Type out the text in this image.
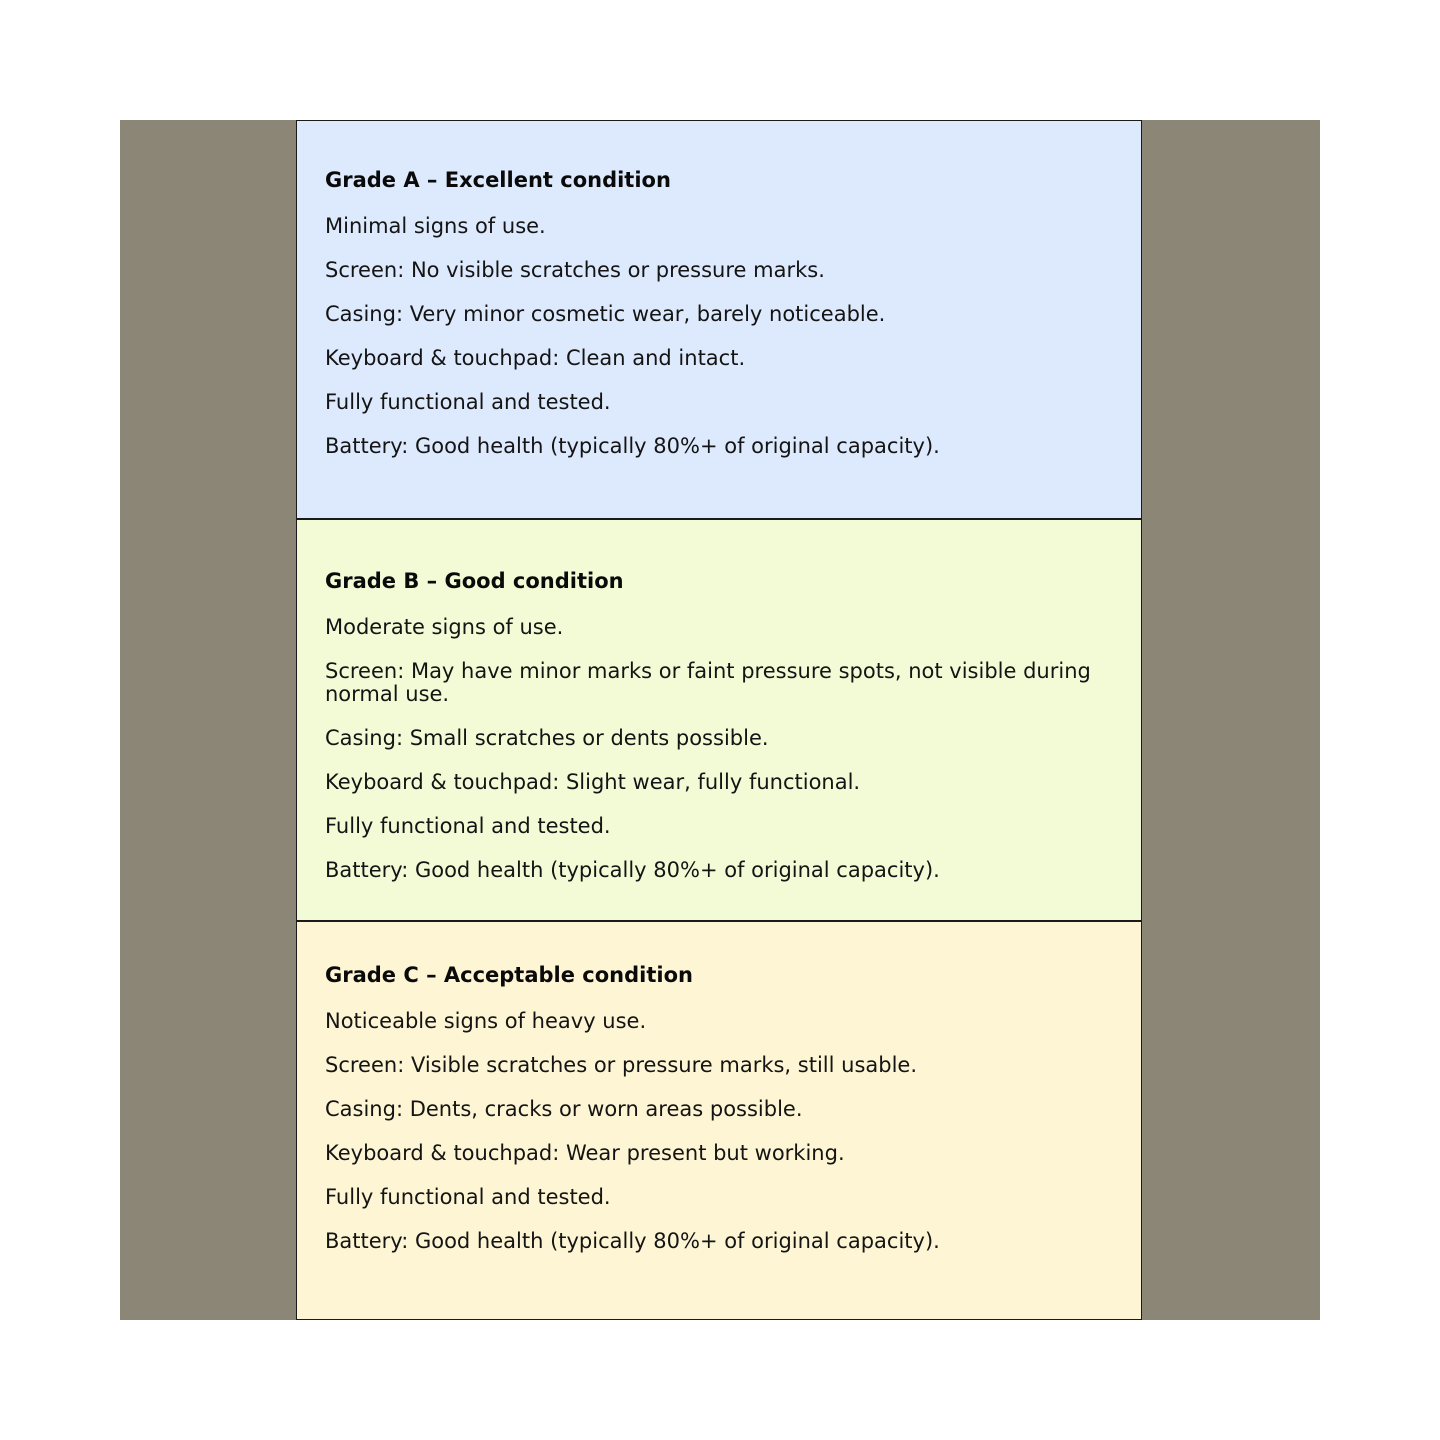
Grade A – Excellent condition
Minimal signs of use.
Screen: No visible scratches or pressure marks.
Casing: Very minor cosmetic wear, barely noticeable.
Keyboard & touchpad: Clean and intact.
Fully functional and tested.
Battery: Good health (typically 80%+ of original capacity).
Grade B – Good condition
Moderate signs of use.
Screen: May have minor marks or faint pressure spots, not visible during normal use.
Casing: Small scratches or dents possible.
Keyboard & touchpad: Slight wear, fully functional.
Fully functional and tested.
Battery: Good health (typically 80%+ of original capacity).
Grade C – Acceptable condition
Noticeable signs of heavy use.
Screen: Visible scratches or pressure marks, still usable.
Casing: Dents, cracks or worn areas possible.
Keyboard & touchpad: Wear present but working.
Fully functional and tested.
Battery: Good health (typically 80%+ of original capacity).
